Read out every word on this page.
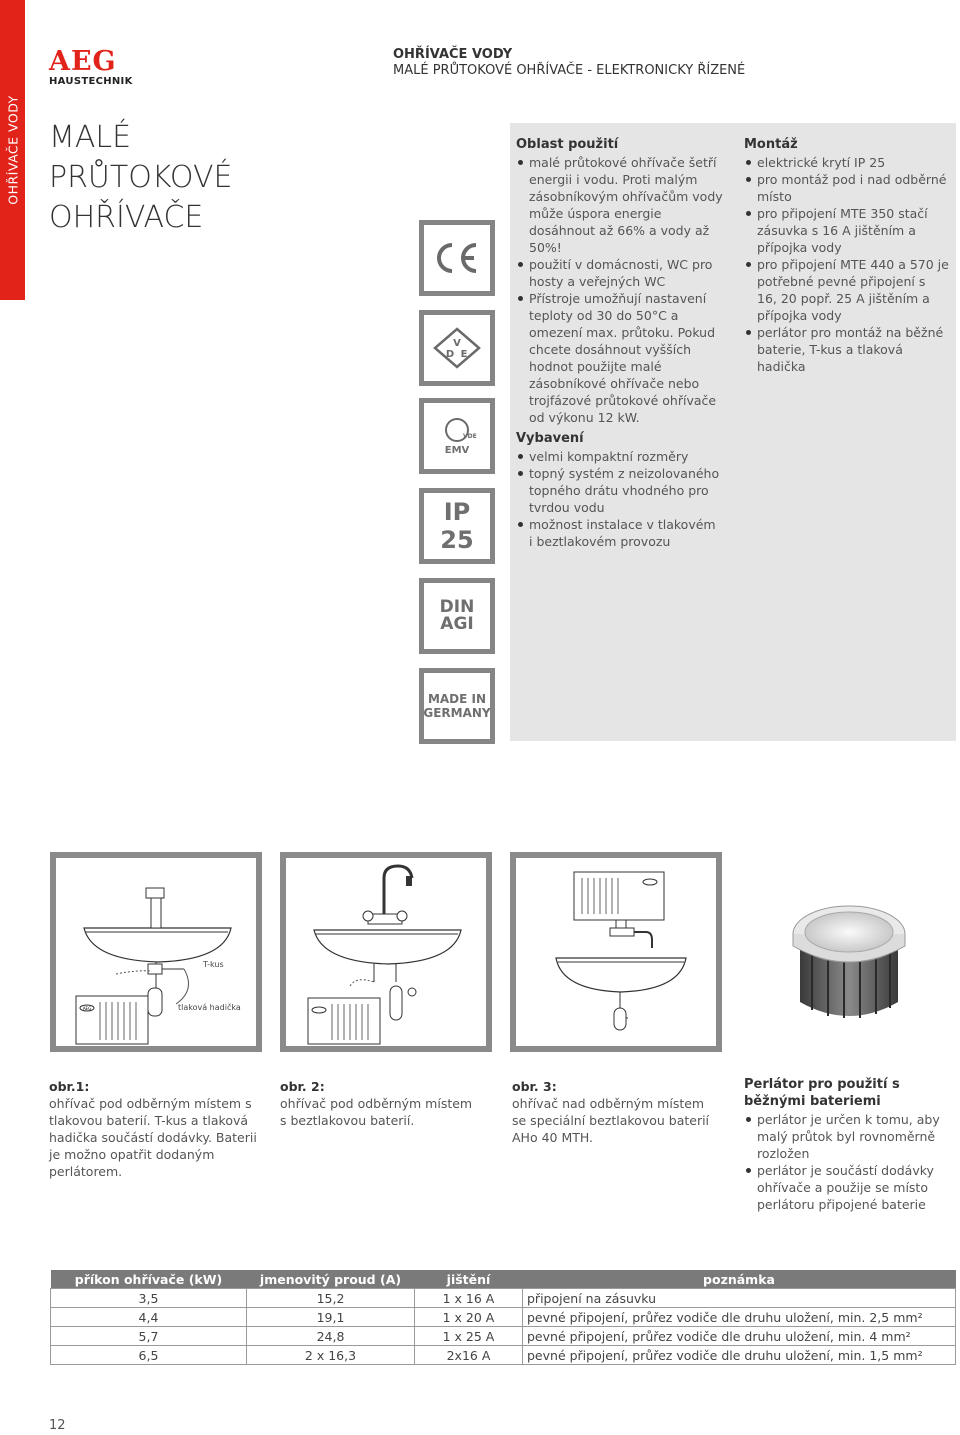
OHŘÍVAČE VODY
AEG
HAUSTECHNIK
MALÉ
PRŮTOKOVÉ
OHŘÍVAČE
OHŘÍVAČE VODY
MALÉ PRŮTOKOVÉ OHŘÍVAČE - ELEKTRONICKY ŘÍZENÉ
V
D E
VDE
EMV
IP 25
DIN AGI
MADE IN GERMANY
Oblast použití
malé průtokové ohřívače šetří energii i vodu. Proti malým zásobníkovým ohřívačům vody může úspora energie dosáhnout až 66% a vody až 50%!
použití v domácnosti, WC pro hosty a veřejných WC
Přístroje umožňují nastavení teploty od 30 do 50°C a omezení max. průtoku. Pokud chcete dosáhnout vyšších hodnot použijte malé zásobníkové ohřívače nebo trojfázové průtokové ohřívače od výkonu 12 kW.
Vybavení
velmi kompaktní rozměry
topný systém z neizolovaného topného drátu vhodného pro tvrdou vodu
možnost instalace v tlakovém i beztlakovém provozu
Montáž
elektrické krytí IP 25
pro montáž pod i nad odběrné místo
pro připojení MTE 350 stačí zásuvka s 16 A jištěním a přípojka vody
pro připojení MTE 440 a 570 je potřebné pevné připojení s 16, 20 popř. 25 A jištěním a přípojka vody
perlátor pro montáž na běžné baterie, T-kus a tlaková hadička
AEG
T-kus
tlaková hadička
obr.1:
ohřívač pod odběrným místem s tlakovou baterií. T-kus a tlaková hadička součástí dodávky. Baterii je možno opatřit dodaným perlátorem.
obr. 2:
ohřívač pod odběrným místem s beztlakovou baterií.
obr. 3:
ohřívač nad odběrným místem se speciální beztlakovou baterií AHo 40 MTH.
Perlátor pro použití s běžnými bateriemi
perlátor je určen k tomu, aby malý průtok byl rovnoměrně rozložen
perlátor je součástí dodávky ohřívače a použije se místo perlátoru připojené baterie
příkon ohřívače (kW)	jmenovitý proud (A)	jištění	poznámka
3,5	15,2	1 x 16 A	připojení na zásuvku
4,4	19,1	1 x 20 A	pevné připojení, průřez vodiče dle druhu uložení, min. 2,5 mm²
5,7	24,8	1 x 25 A	pevné připojení, průřez vodiče dle druhu uložení, min. 4 mm²
6,5	2 x 16,3	2x16 A	pevné připojení, průřez vodiče dle druhu uložení, min. 1,5 mm²
12
